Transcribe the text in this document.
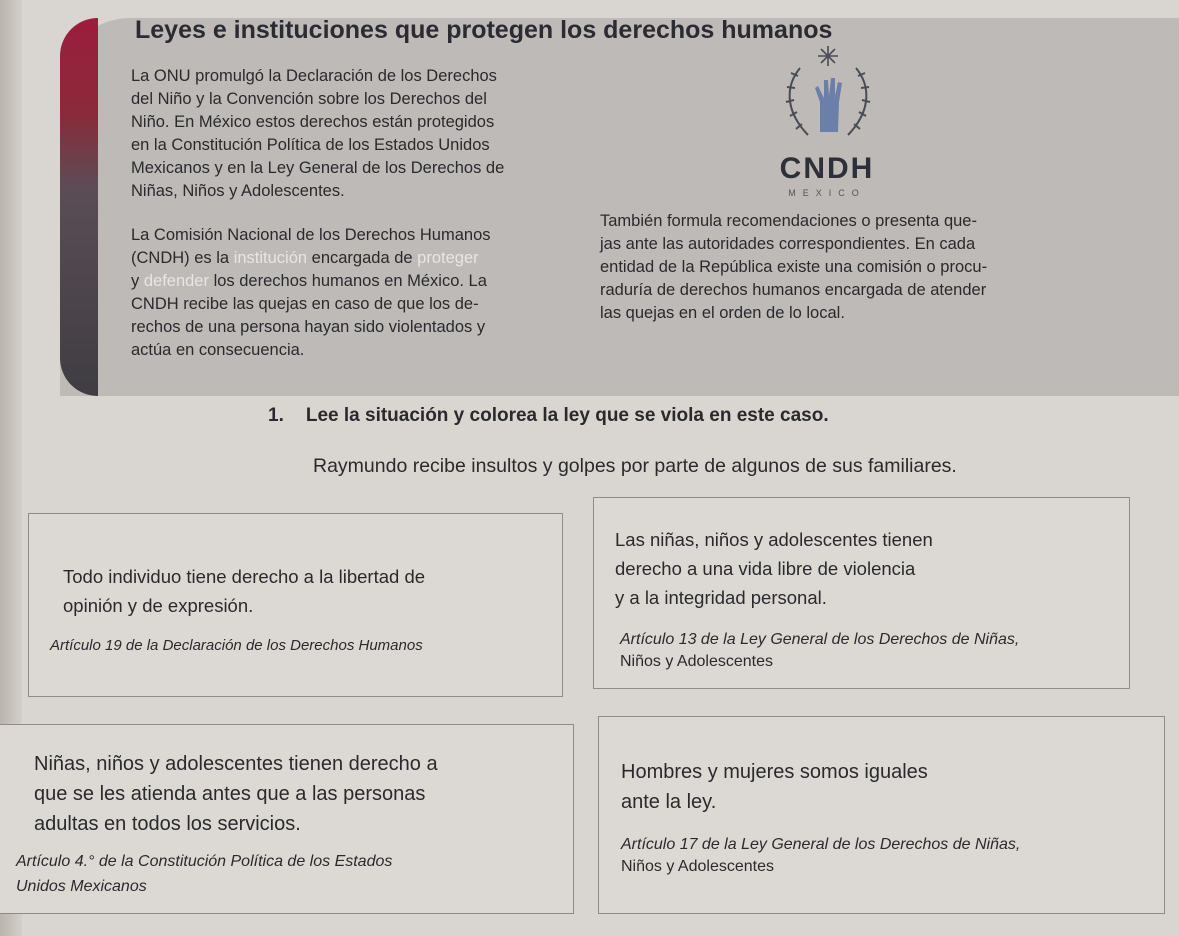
Leyes e instituciones que protegen los derechos humanos
La ONU promulgó la Declaración de los Derechos
del Niño y la Convención sobre los Derechos del
Niño. En México estos derechos están protegidos
en la Constitución Política de los Estados Unidos
Mexicanos y en la Ley General de los Derechos de
Niñas, Niños y Adolescentes.
CNDH
MEXICO
La Comisión Nacional de los Derechos Humanos
(CNDH) es la institución encargada de proteger
y defender los derechos humanos en México. La
CNDH recibe las quejas en caso de que los de-
rechos de una persona hayan sido violentados y
actúa en consecuencia.
También formula recomendaciones o presenta que-
jas ante las autoridades correspondientes. En cada
entidad de la República existe una comisión o procu-
raduría de derechos humanos encargada de atender
las quejas en el orden de lo local.
1. Lee la situación y colorea la ley que se viola en este caso.
Raymundo recibe insultos y golpes por parte de algunos de sus familiares.
Todo individuo tiene derecho a la libertad de
opinión y de expresión.
Artículo 19 de la Declaración de los Derechos Humanos
Las niñas, niños y adolescentes tienen
derecho a una vida libre de violencia
y a la integridad personal.
Artículo 13 de la Ley General de los Derechos de Niñas,
Niños y Adolescentes
Niñas, niños y adolescentes tienen derecho a
que se les atienda antes que a las personas
adultas en todos los servicios.
Artículo 4.° de la Constitución Política de los Estados
Unidos Mexicanos
Hombres y mujeres somos iguales
ante la ley.
Artículo 17 de la Ley General de los Derechos de Niñas,
Niños y Adolescentes
